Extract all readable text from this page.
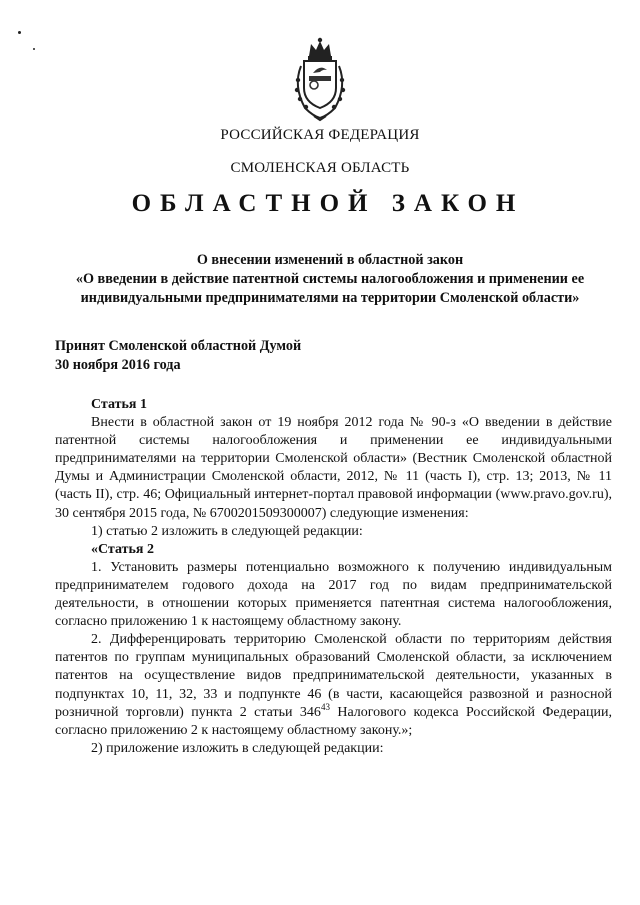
РОССИЙСКАЯ ФЕДЕРАЦИЯ
СМОЛЕНСКАЯ ОБЛАСТЬ
ОБЛАСТНОЙ ЗАКОН
О внесении изменений в областной закон
«О введении в действие патентной системы налогообложения и применении ее индивидуальными предпринимателями на территории Смоленской области»
Принят Смоленской областной Думой
30 ноября 2016 года

Статья 1

Внести в областной закон от 19 ноября 2012 года № 90-з «О введении в действие патентной системы налогообложения и применении ее индивидуальными предпринимателями на территории Смоленской области» (Вестник Смоленской областной Думы и Администрации Смоленской области, 2012, № 11 (часть I), стр. 13; 2013, № 11 (часть II), стр. 46; Официальный интернет-портал правовой информации (www.pravo.gov.ru), 30 сентября 2015 года, № 6700201509300007) следующие изменения:

1) статью 2 изложить в следующей редакции:

«Статья 2

1. Установить размеры потенциально возможного к получению индивидуальным предпринимателем годового дохода на 2017 год по видам предпринимательской деятельности, в отношении которых применяется патентная система налогообложения, согласно приложению 1 к настоящему областному закону.

2. Дифференцировать территорию Смоленской области по территориям действия патентов по группам муниципальных образований Смоленской области, за исключением патентов на осуществление видов предпринимательской деятельности, указанных в подпунктах 10, 11, 32, 33 и подпункте 46 (в части, касающейся развозной и разносной розничной торговли) пункта 2 статьи $346^{43}$ Налогового кодекса Российской Федерации, согласно приложению 2 к настоящему областному закону.»;

2) приложение изложить в следующей редакции:
